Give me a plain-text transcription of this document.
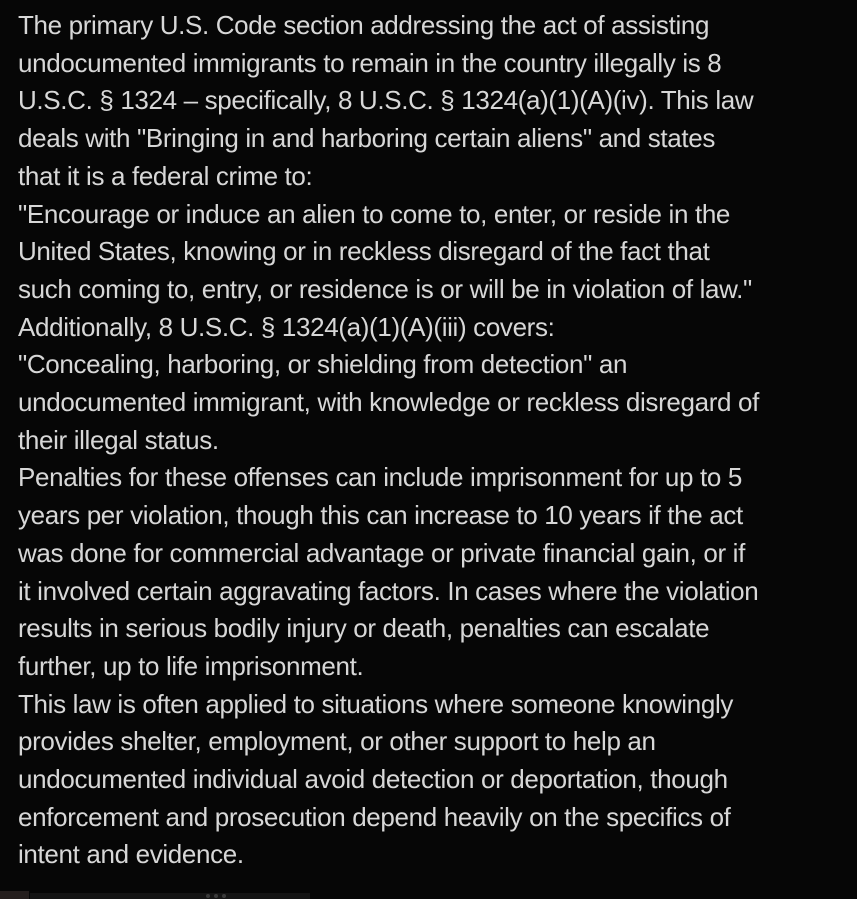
The primary U.S. Code section addressing the act of assisting
undocumented immigrants to remain in the country illegally is 8
U.S.C. § 1324 – specifically, 8 U.S.C. § 1324(a)(1)(A)(iv). This law
deals with "Bringing in and harboring certain aliens" and states
that it is a federal crime to:
"Encourage or induce an alien to come to, enter, or reside in the
United States, knowing or in reckless disregard of the fact that
such coming to, entry, or residence is or will be in violation of law."
Additionally, 8 U.S.C. § 1324(a)(1)(A)(iii) covers:
"Concealing, harboring, or shielding from detection" an
undocumented immigrant, with knowledge or reckless disregard of
their illegal status.
Penalties for these offenses can include imprisonment for up to 5
years per violation, though this can increase to 10 years if the act
was done for commercial advantage or private financial gain, or if
it involved certain aggravating factors. In cases where the violation
results in serious bodily injury or death, penalties can escalate
further, up to life imprisonment.
This law is often applied to situations where someone knowingly
provides shelter, employment, or other support to help an
undocumented individual avoid detection or deportation, though
enforcement and prosecution depend heavily on the specifics of
intent and evidence.
